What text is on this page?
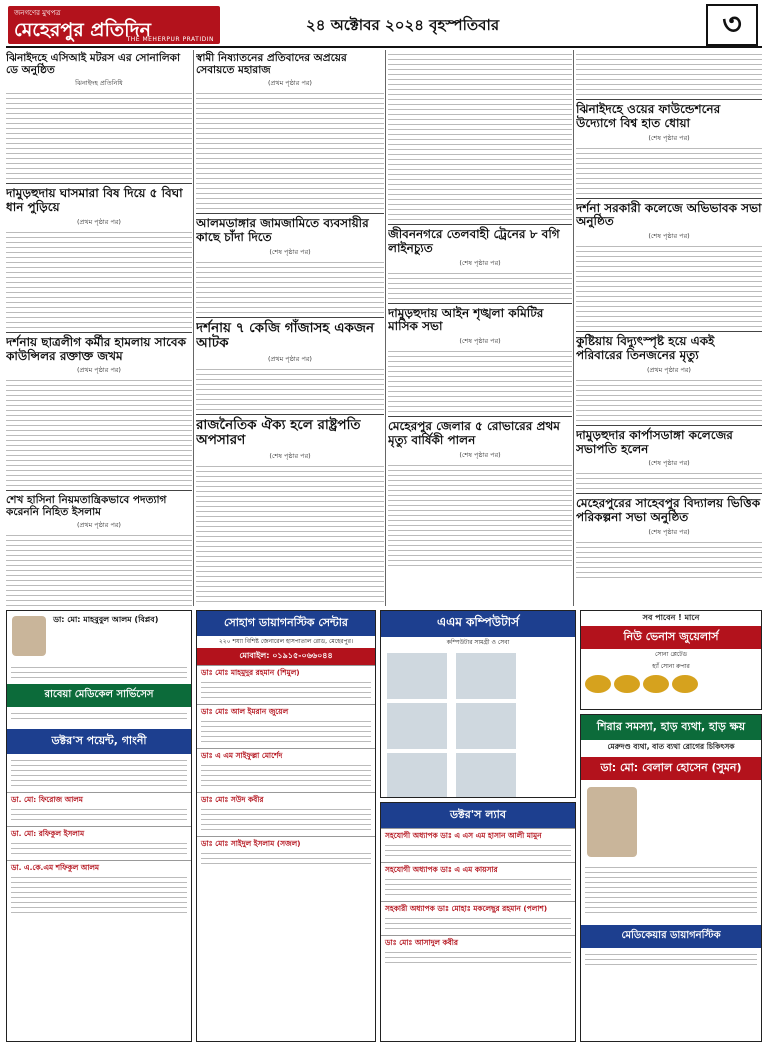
জনগণের মুখপত্র
মেহেরপুর প্রতিদিন
THE MEHERPUR PRATIDIN
২৪ অক্টোবর ২০২৪ বৃহস্পতিবার	৩
ঝিনাইদহে এসিআই মটরস এর সোনালিকা ডে অনুষ্ঠিত
ঝিনাইদহ প্রতিনিধি
দামুড়হুদায় ঘাসমারা বিষ দিয়ে ৫ বিঘা ধান পুড়িয়ে
(প্রথম পৃষ্ঠার পর)
দর্শনায় ছাত্রলীগ কর্মীর হামলায় সাবেক কাউন্সিলর রক্তাক্ত জখম
(প্রথম পৃষ্ঠার পর)
শেখ হাসিনা নিয়মতান্ত্রিকভাবে পদত্যাগ করেননি নিহিত ইসলাম
(প্রথম পৃষ্ঠার পর)
স্বামী নিষ্যাতনের প্রতিবাদের অপ্রয়ের সেবায়তে মহারাজ
(প্রথম পৃষ্ঠার পর)
আলমডাঙ্গার জামজামিতে ব্যবসায়ীর কাছে চাঁদা দিতে
(শেষ পৃষ্ঠার পর)
দর্শনায় ৭ কেজি গাঁজাসহ একজন আটক
(প্রথম পৃষ্ঠার পর)
রাজনৈতিক ঐক্য হলে রাষ্ট্রপতি অপসারণ
(শেষ পৃষ্ঠার পর)
জীবননগরে তেলবাহী ট্রেনের ৮ বগি লাইনচ্যুত
(শেষ পৃষ্ঠার পর)
দামুড়হুদায় আইন শৃঙ্খলা কমিটির মাসিক সভা
(শেষ পৃষ্ঠার পর)
মেহেরপুর জেলার ৫ রোভারের প্রথম মৃত্যু বার্ষিকী পালন
(শেষ পৃষ্ঠার পর)
ঝিনাইদহে ওয়ের ফাউন্ডেশনের উদ্যোগে বিশ্ব হাত ধোয়া
(শেষ পৃষ্ঠার পর)
দর্শনা সরকারী কলেজে অভিভাবক সভা অনুষ্ঠিত
(শেষ পৃষ্ঠার পর)
কুষ্টিয়ায় বিদ্যুৎস্পৃষ্ট হয়ে একই পরিবারের তিনজনের মৃত্যু
(প্রথম পৃষ্ঠার পর)
দামুড়হুদার কার্পাসডাঙ্গা কলেজের সভাপতি হলেন
(শেষ পৃষ্ঠার পর)
মেহেরপুরের সাহেবপুর বিদ্যালয় ভিত্তিক পরিকল্পনা সভা অনুষ্ঠিত
(শেষ পৃষ্ঠার পর)
ডা: মো: মাহবুবুল আলম (বিপ্লব)
রাবেয়া মেডিকেল সার্ভিসেস
ডক্টর'স পয়েন্ট, গাংনী
ডা. মো: ফিরোজ আলম
ডা. মো: রফিকুল ইসলাম
ডা. এ.কে.এম শফিকুল আলম
সোহাগ ডায়াগনস্টিক সেন্টার
২২০ শয্যা বিশিষ্ট জেনারেল হাসপাতাল রোড, মেহেরপুর।
মোবাইল: ০১৯১৫-০৬৬০৪৪
ডাঃ মোঃ মাহমুদুর রহমান (শিমুল)
ডাঃ মোঃ আল ইমরান জুয়েল
ডাঃ এ এম সাইফুল্লা মোর্শেদ
ডাঃ মোঃ সউদ কবীর
ডাঃ মোঃ সাইদুল ইসলাম (সজল)
এএম কম্পিউটার্স
কম্পিউটার সামগ্রী ও সেবা

ডক্টর'স ল্যাব
সহযোগী অধ্যাপক ডাঃ এ এস এম হাসান আলী মামুন
সহযোগী অধ্যাপক ডাঃ এ এম কায়সার
সহকারী অধ্যাপক ডাঃ মোহাঃ মকলেছুর রহমান (পলাশ)
ডাঃ মোঃ আসাদুল কবীর
সব পাবেন ! মানে
নিউ ভেনাস জুয়েলার্স
সোনা প্লেটেড
হ্যাঁ সোনা রুপার
শিরার সমস্যা, হাড় ব্যথা, হাড় ক্ষয়
মেরুদণ্ড ব্যথা, বাত ব্যথা রোগের চিকিৎসক
ডা: মো: বেলাল হোসেন (সুমন)
মেডিকেয়ার ডায়াগনস্টিক
